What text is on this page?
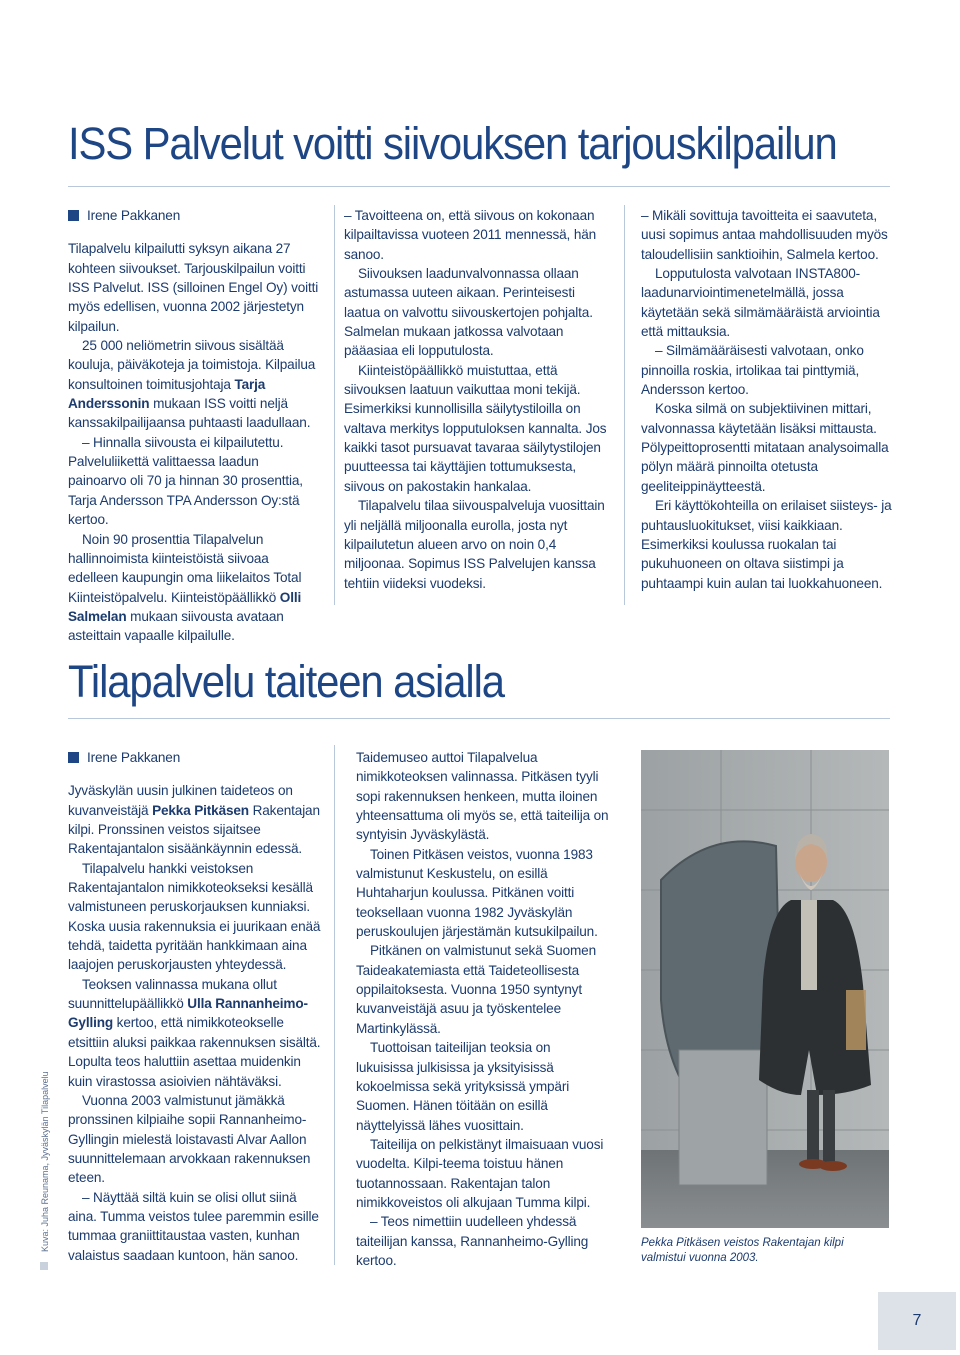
ISS Palvelut voitti siivouksen tarjouskilpailun
Irene Pakkanen

Tilapalvelu kilpailutti syksyn aikana 27 kohteen siivoukset. Tarjouskilpailun voitti ISS Palvelut. ISS (silloinen Engel Oy) voitti myös edellisen, vuonna 2002 järjestetyn kilpailun.

25 000 neliömetrin siivous sisältää kouluja, päiväkoteja ja toimistoja. Kilpailua konsultoinen toimitusjohtaja Tarja Anderssonin mukaan ISS voitti neljä kanssakilpailijaansa puhtaasti laadullaan.

– Hinnalla siivousta ei kilpailutettu. Palveluliikettä valittaessa laadun painoarvo oli 70 ja hinnan 30 prosenttia, Tarja Andersson TPA Andersson Oy:stä kertoo.

Noin 90 prosenttia Tilapalvelun hallinnoimista kiinteistöistä siivoaa edelleen kaupungin oma liikelaitos Total Kiinteistöpalvelu. Kiinteistöpäällikkö Olli Salmelan mukaan siivousta avataan asteittain vapaalle kilpailulle.

– Tavoitteena on, että siivous on kokonaan kilpailtavissa vuoteen 2011 mennessä, hän sanoo.

Siivouksen laadunvalvonnassa ollaan astumassa uuteen aikaan. Perinteisesti laatua on valvottu siivouskertojen pohjalta. Salmelan mukaan jatkossa valvotaan pääasiaa eli lopputulosta.

Kiinteistöpäällikkö muistuttaa, että siivouksen laatuun vaikuttaa moni tekijä. Esimerkiksi kunnollisilla säilytystiloilla on valtava merkitys lopputuloksen kannalta. Jos kaikki tasot pursuavat tavaraa säilytystilojen puutteessa tai käyttäjien tottumuksesta, siivous on pakostakin hankalaa.

Tilapalvelu tilaa siivouspalveluja vuosittain yli neljällä miljoonalla eurolla, josta nyt kilpailutetun alueen arvo on noin 0,4 miljoonaa. Sopimus ISS Palvelujen kanssa tehtiin viideksi vuodeksi.

– Mikäli sovittuja tavoitteita ei saavuteta, uusi sopimus antaa mahdollisuuden myös taloudellisiin sanktioihin, Salmela kertoo.

Lopputulosta valvotaan INSTA800-laadunarviointimenetelmällä, jossa käytetään sekä silmämääräistä arviointia että mittauksia.

– Silmämääräisesti valvotaan, onko pinnoilla roskia, irtolikaa tai pinttymiä, Andersson kertoo.

Koska silmä on subjektiivinen mittari, valvonnassa käytetään lisäksi mittausta. Pölypeittoprosentti mitataan analysoimalla pölyn määrä pinnoilta otetusta geeliteippinäytteestä.

Eri käyttökohteilla on erilaiset siisteys- ja puhtausluokitukset, viisi kaikkiaan. Esimerkiksi koulussa ruokalan tai pukuhuoneen on oltava siistimpi ja puhtaampi kuin aulan tai luokkahuoneen.

Tilapalvelu taiteen asialla
Irene Pakkanen

Jyväskylän uusin julkinen taideteos on kuvanveistäjä Pekka Pitkäsen Rakentajan kilpi. Pronssinen veistos sijaitsee Rakentajantalon sisäänkäynnin edessä.

Tilapalvelu hankki veistoksen Rakentajantalon nimikkoteokseksi kesällä valmistuneen peruskorjauksen kunniaksi. Koska uusia rakennuksia ei juurikaan enää tehdä, taidetta pyritään hankkimaan aina laajojen peruskorjausten yhteydessä.

Teoksen valinnassa mukana ollut suunnittelupäällikkö Ulla Rannanheimo-Gylling kertoo, että nimikkoteokselle etsittiin aluksi paikkaa rakennuksen sisältä. Lopulta teos haluttiin asettaa muidenkin kuin virastossa asioivien nähtäväksi.

Vuonna 2003 valmistunut jämäkkä pronssinen kilpiaihe sopii Rannanheimo-Gyllingin mielestä loistavasti Alvar Aallon suunnittelemaan arvokkaan rakennuksen eteen.

– Näyttää siltä kuin se olisi ollut siinä aina. Tumma veistos tulee paremmin esille tummaa graniittitaustaa vasten, kunhan valaistus saadaan kuntoon, hän sanoo.

Taidemuseo auttoi Tilapalvelua nimikkoteoksen valinnassa. Pitkäsen tyyli sopi rakennuksen henkeen, mutta iloinen yhteensattuma oli myös se, että taiteilija on syntyisin Jyväskylästä.

Toinen Pitkäsen veistos, vuonna 1983 valmistunut Keskustelu, on esillä Huhtaharjun koulussa. Pitkänen voitti teoksellaan vuonna 1982 Jyväskylän peruskoulujen järjestämän kutsukilpailun.

Pitkänen on valmistunut sekä Suomen Taideakatemiasta että Taideteollisesta oppilaitoksesta. Vuonna 1950 syntynyt kuvanveistäjä asuu ja työskentelee Martinkylässä.

Tuottoisan taiteilijan teoksia on lukuisissa julkisissa ja yksityisissä kokoelmissa sekä yrityksissä ympäri Suomen. Hänen töitään on esillä näyttelyissä lähes vuosittain.

Taiteilija on pelkistänyt ilmaisuaan vuosi vuodelta. Kilpi-teema toistuu hänen tuotannossaan. Rakentajan talon nimikkoveistos oli alkujaan Tumma kilpi.

– Teos nimettiin uudelleen yhdessä taiteilijan kanssa, Rannanheimo-Gylling kertoo.

Pekka Pitkäsen veistos Rakentajan kilpi valmistui vuonna 2003.
Kuva: Juha Reunama, Jyväskylän Tilapalvelu
7
